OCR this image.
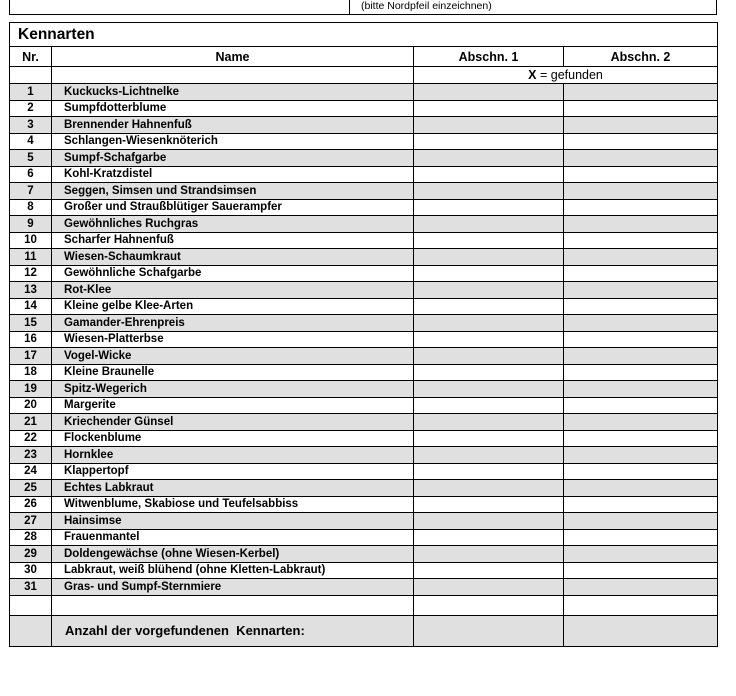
(bitte Nordpfeil einzeichnen)
Kennarten			
Nr.	Name	Abschn. 1	Abschn. 2
		X = gefunden	
1	Kuckucks-Lichtnelke		
2	Sumpfdotterblume		
3	Brennender Hahnenfuß		
4	Schlangen-Wiesenknöterich		
5	Sumpf-Schafgarbe		
6	Kohl-Kratzdistel		
7	Seggen, Simsen und Strandsimsen		
8	Großer und Straußblütiger Sauerampfer		
9	Gewöhnliches Ruchgras		
10	Scharfer Hahnenfuß		
11	Wiesen-Schaumkraut		
12	Gewöhnliche Schafgarbe		
13	Rot-Klee		
14	Kleine gelbe Klee-Arten		
15	Gamander-Ehrenpreis		
16	Wiesen-Platterbse		
17	Vogel-Wicke		
18	Kleine Braunelle		
19	Spitz-Wegerich		
20	Margerite		
21	Kriechender Günsel		
22	Flockenblume		
23	Hornklee		
24	Klappertopf		
25	Echtes Labkraut		
26	Witwenblume, Skabiose und Teufelsabbiss		
27	Hainsimse		
28	Frauenmantel		
29	Doldengewächse (ohne Wiesen-Kerbel)		
30	Labkraut, weiß blühend (ohne Kletten-Labkraut)		
31	Gras- und Sumpf-Sternmiere		

	Anzahl der vorgefundenen  Kennarten:		
